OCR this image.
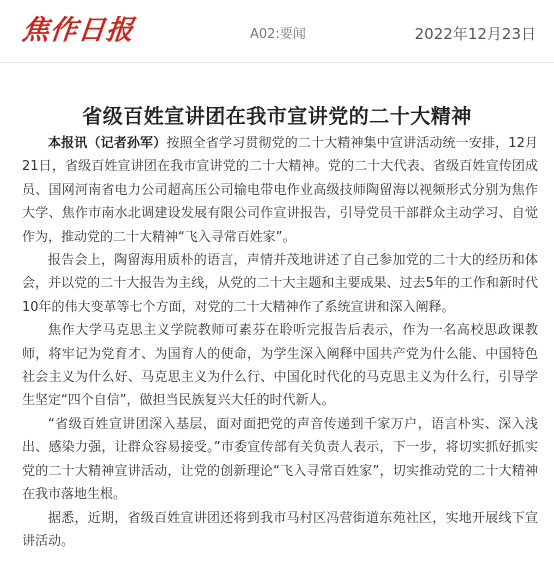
焦作日报	A02:要闻	2022年12月23日
省级百姓宣讲团在我市宣讲党的二十大精神

本报讯（记者孙军）按照全省学习贯彻党的二十大精神集中宣讲活动统一安排，12月21日，省级百姓宣讲团在我市宣讲党的二十大精神。党的二十大代表、省级百姓宣传团成员、国网河南省电力公司超高压公司输电带电作业高级技师陶留海以视频形式分别为焦作大学、焦作市南水北调建设发展有限公司作宣讲报告，引导党员干部群众主动学习、自觉作为，推动党的二十大精神“飞入寻常百姓家”。

报告会上，陶留海用质朴的语言，声情并茂地讲述了自己参加党的二十大的经历和体会，并以党的二十大报告为主线，从党的二十大主题和主要成果、过去5年的工作和新时代10年的伟大变革等七个方面，对党的二十大精神作了系统宣讲和深入阐释。

焦作大学马克思主义学院教师可素芬在聆听完报告后表示，作为一名高校思政课教师，将牢记为党育才、为国育人的使命，为学生深入阐释中国共产党为什么能、中国特色社会主义为什么好、马克思主义为什么行、中国化时代化的马克思主义为什么行，引导学生坚定“四个自信”，做担当民族复兴大任的时代新人。

“省级百姓宣讲团深入基层，面对面把党的声音传递到千家万户，语言朴实、深入浅出、感染力强，让群众容易接受。”市委宣传部有关负责人表示，下一步，将切实抓好抓实党的二十大精神宣讲活动，让党的创新理论“飞入寻常百姓家”，切实推动党的二十大精神在我市落地生根。

据悉，近期，省级百姓宣讲团还将到我市马村区冯营街道东苑社区，实地开展线下宣讲活动。
